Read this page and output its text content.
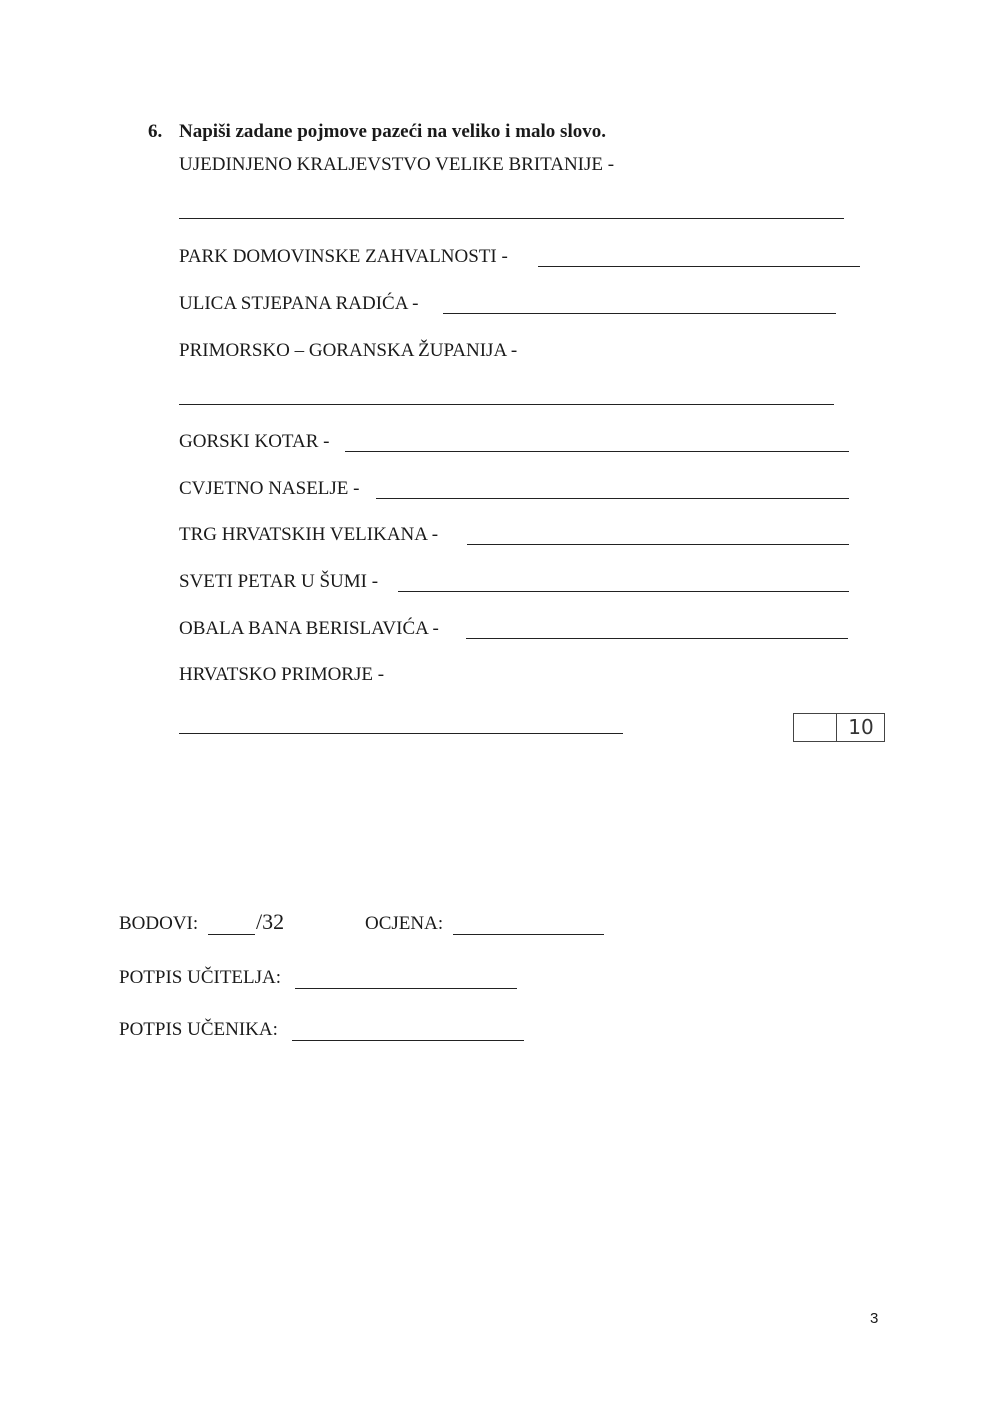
6. Napiši zadane pojmove pazeći na veliko i malo slovo.
UJEDINJENO KRALJEVSTVO VELIKE BRITANIJE -
PARK DOMOVINSKE ZAHVALNOSTI -
ULICA STJEPANA RADIĆA -
PRIMORSKO – GORANSKA ŽUPANIJA -
GORSKI KOTAR -
CVJETNO NASELJE -
TRG HRVATSKIH VELIKANA -
SVETI PETAR U ŠUMI -
OBALA BANA BERISLAVIĆA -
HRVATSKO PRIMORJE -
10
BODOVI:	/32	OCJENA:
POTPIS UČITELJA:
POTPIS UČENIKA:
3
